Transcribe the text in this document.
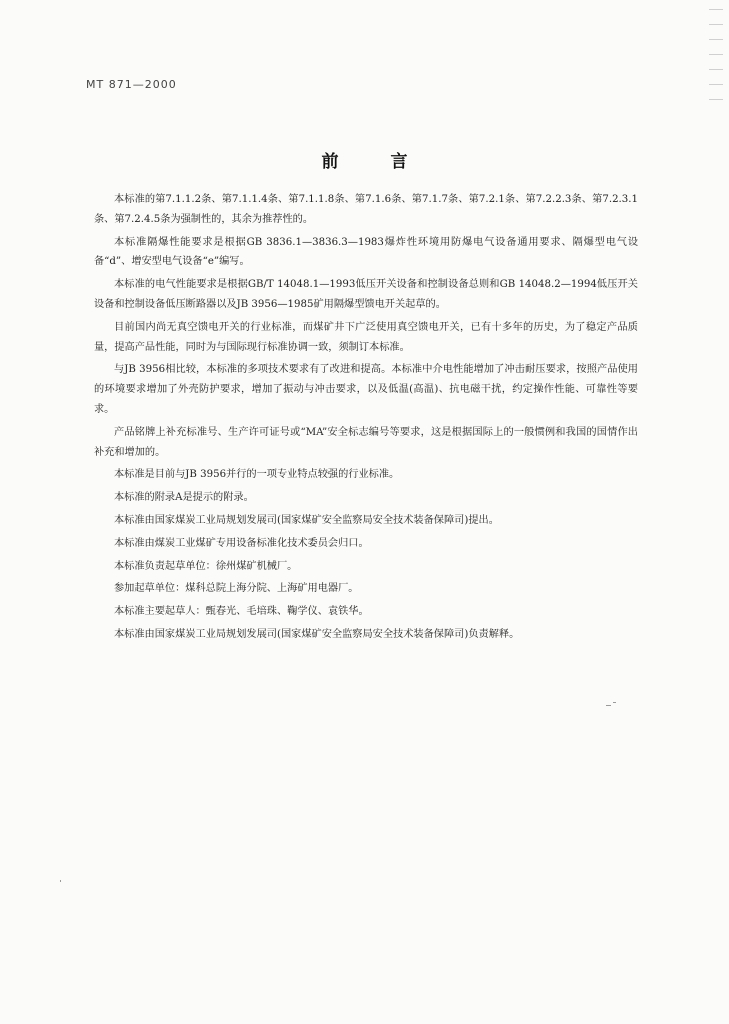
MT 871—2000
前言

本标准的第7.1.1.2条、第7.1.1.4条、第7.1.1.8条、第7.1.6条、第7.1.7条、第7.2.1条、第7.2.2.3条、第7.2.3.1条、第7.2.4.5条为强制性的，其余为推荐性的。

本标准隔爆性能要求是根据GB 3836.1—3836.3—1983爆炸性环境用防爆电气设备通用要求、隔爆型电气设备“d”、增安型电气设备“e”编写。

本标准的电气性能要求是根据GB/T 14048.1—1993低压开关设备和控制设备总则和GB 14048.2—1994低压开关设备和控制设备低压断路器以及JB 3956—1985矿用隔爆型馈电开关起草的。

目前国内尚无真空馈电开关的行业标准，而煤矿井下广泛使用真空馈电开关，已有十多年的历史，为了稳定产品质量，提高产品性能，同时为与国际现行标准协调一致，须制订本标准。

与JB 3956相比较，本标准的多项技术要求有了改进和提高。本标准中介电性能增加了冲击耐压要求，按照产品使用的环境要求增加了外壳防护要求，增加了振动与冲击要求，以及低温(高温)、抗电磁干扰，约定操作性能、可靠性等要求。

产品铭牌上补充标准号、生产许可证号或“MA”安全标志编号等要求，这是根据国际上的一般惯例和我国的国情作出补充和增加的。

本标准是目前与JB 3956并行的一项专业特点较强的行业标准。

本标准的附录A是提示的附录。

本标准由国家煤炭工业局规划发展司(国家煤矿安全监察局安全技术装备保障司)提出。

本标准由煤炭工业煤矿专用设备标准化技术委员会归口。

本标准负责起草单位：徐州煤矿机械厂。

参加起草单位：煤科总院上海分院、上海矿用电器厂。

本标准主要起草人：甄春光、毛培珠、鞠学仪、袁铁华。

本标准由国家煤炭工业局规划发展司(国家煤矿安全监察局安全技术装备保障司)负责解释。
